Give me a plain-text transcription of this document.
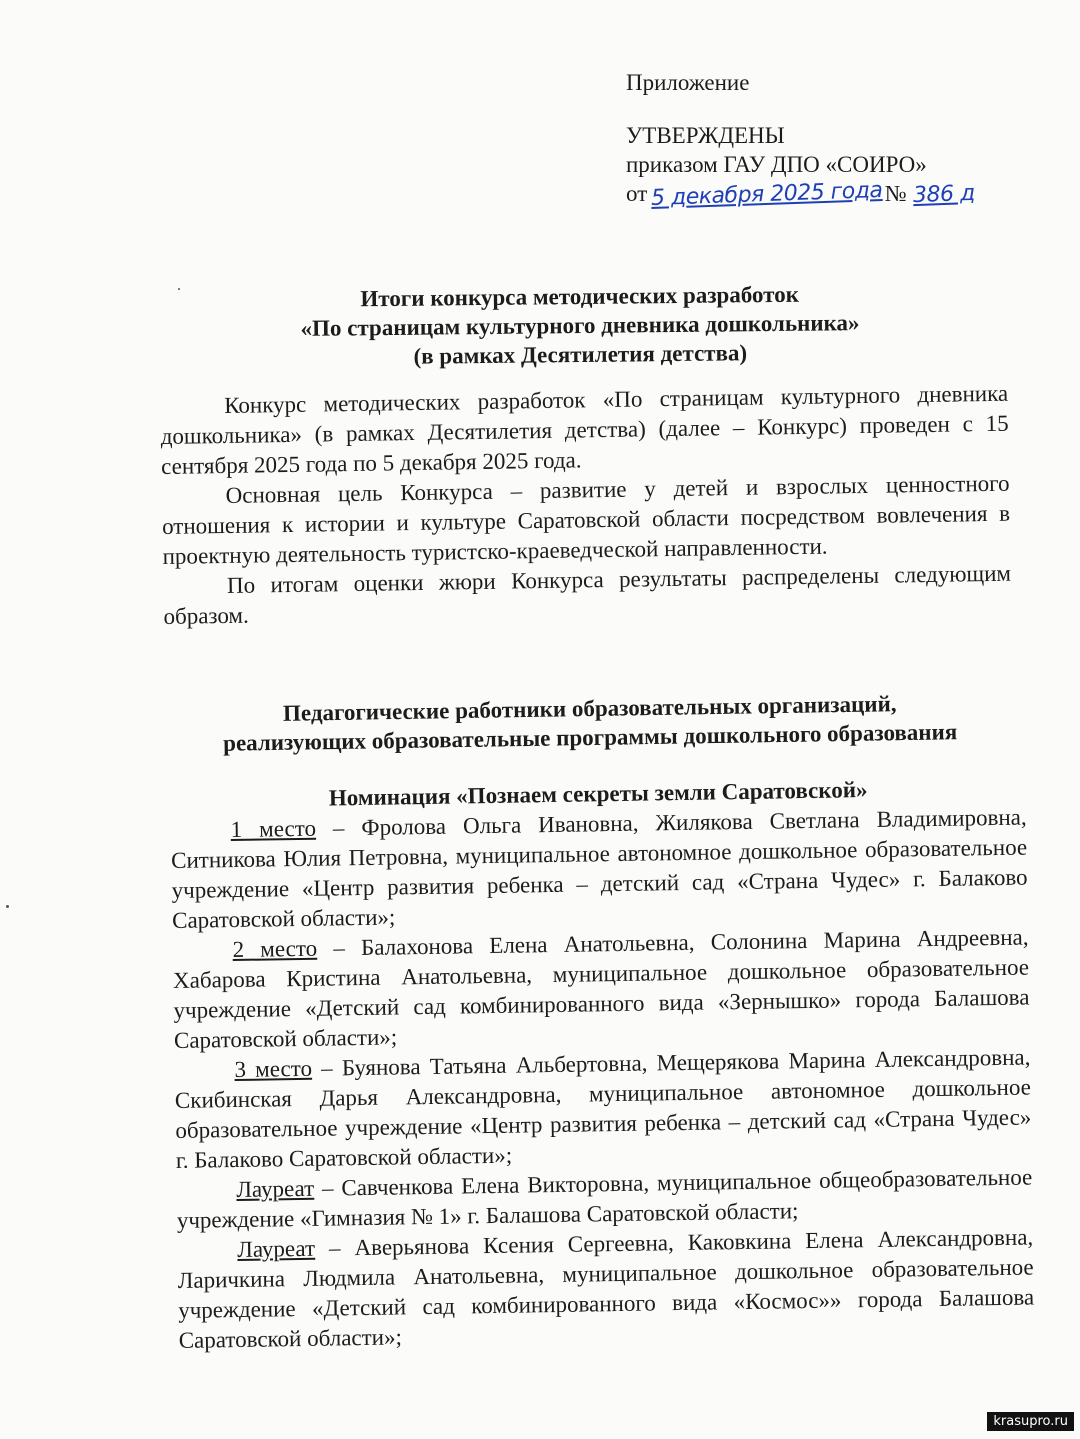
Приложение
УТВЕРЖДЕНЫ
приказом ГАУ ДПО «СОИРО»
от 5 декабря 2025 года№ 386 д
Итоги конкурса методических разработок
«По страницам культурного дневника дошкольника»
(в рамках Десятилетия детства)

Конкурс методических разработок «По страницам культурного дневника дошкольника» (в рамках Десятилетия детства) (далее – Конкурс) проведен с 15 сентября 2025 года по 5 декабря 2025 года.

Основная цель Конкурса – развитие у детей и взрослых ценностного отношения к истории и культуре Саратовской области посредством вовлечения в проектную деятельность туристско-краеведческой направленности.

По итогам оценки жюри Конкурса результаты распределены следующим образом.

Педагогические работники образовательных организаций,
реализующих образовательные программы дошкольного образования

Номинация «Познаем секреты земли Саратовской»

1 место – Фролова Ольга Ивановна, Жилякова Светлана Владимировна, Ситникова Юлия Петровна, муниципальное автономное дошкольное образовательное учреждение «Центр развития ребенка – детский сад «Страна Чудес» г. Балаково Саратовской области»;

2 место – Балахонова Елена Анатольевна, Солонина Марина Андреевна, Хабарова Кристина Анатольевна, муниципальное дошкольное образовательное учреждение «Детский сад комбинированного вида «Зернышко» города Балашова Саратовской области»;

3 место – Буянова Татьяна Альбертовна, Мещерякова Марина Александровна, Скибинская Дарья Александровна, муниципальное автономное дошкольное образовательное учреждение «Центр развития ребенка – детский сад «Страна Чудес» г. Балаково Саратовской области»;

Лауреат – Савченкова Елена Викторовна, муниципальное общеобразовательное учреждение «Гимназия № 1» г. Балашова Саратовской области;

Лауреат – Аверьянова Ксения Сергеевна, Каковкина Елена Александровна, Ларичкина Людмила Анатольевна, муниципальное дошкольное образовательное учреждение «Детский сад комбинированного вида «Космос»» города Балашова Саратовской области»;

krasupro.ru
